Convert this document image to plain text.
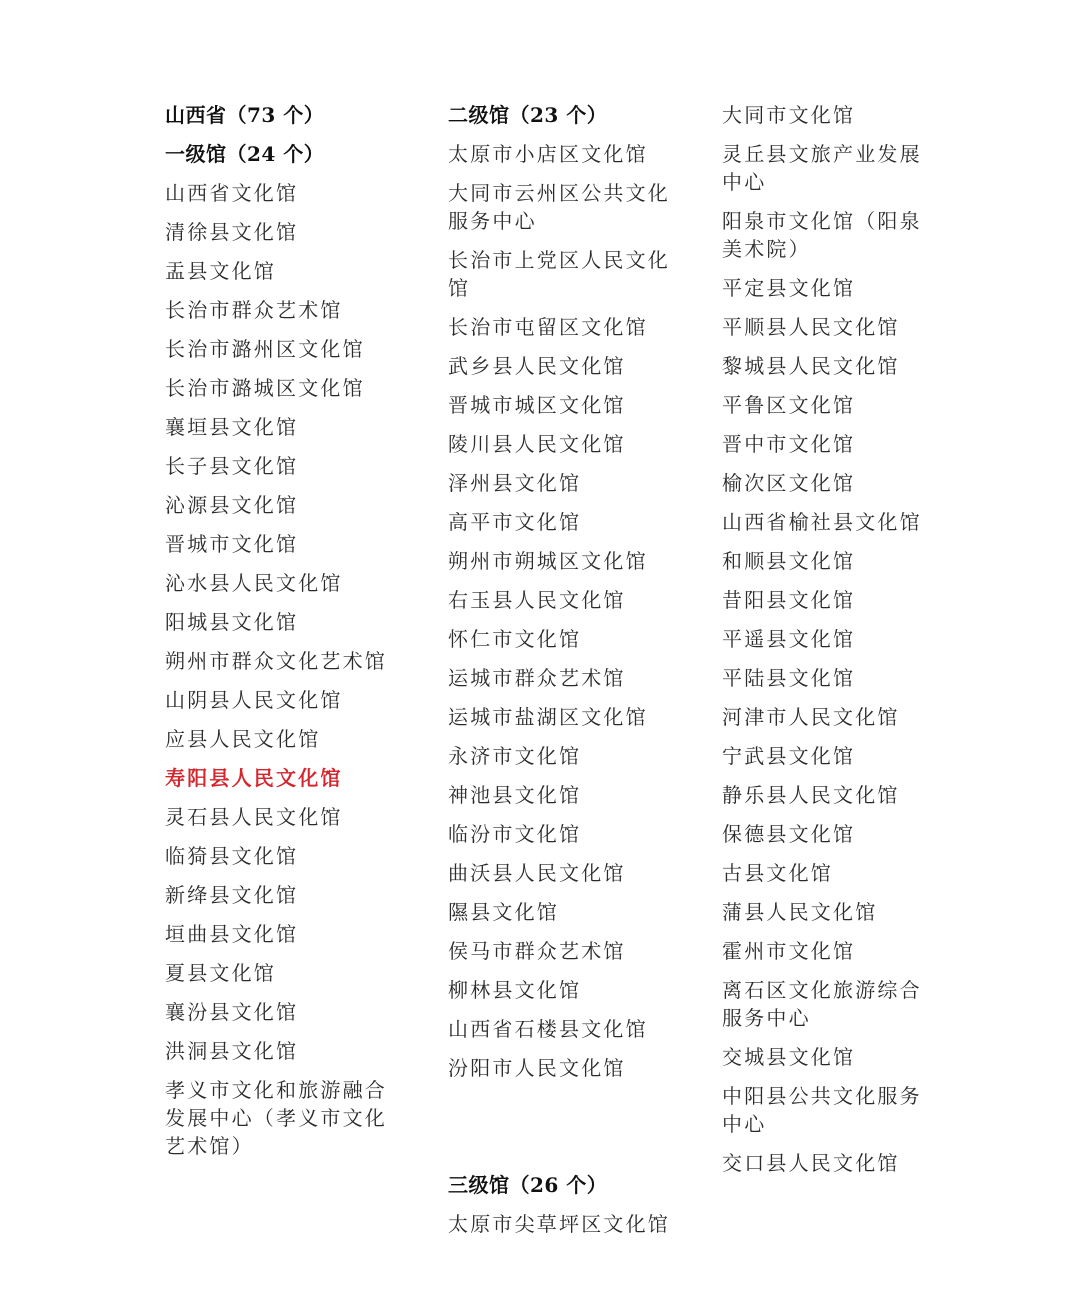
山西省（73 个）
一级馆（24 个）
山西省文化馆
清徐县文化馆
盂县文化馆
长治市群众艺术馆
长治市潞州区文化馆
长治市潞城区文化馆
襄垣县文化馆
长子县文化馆
沁源县文化馆
晋城市文化馆
沁水县人民文化馆
阳城县文化馆
朔州市群众文化艺术馆
山阴县人民文化馆
应县人民文化馆
寿阳县人民文化馆
灵石县人民文化馆
临猗县文化馆
新绛县文化馆
垣曲县文化馆
夏县文化馆
襄汾县文化馆
洪洞县文化馆
孝义市文化和旅游融合发展中心（孝义市文化艺术馆）
二级馆（23 个）
太原市小店区文化馆
大同市云州区公共文化服务中心
长治市上党区人民文化馆
长治市屯留区文化馆
武乡县人民文化馆
晋城市城区文化馆
陵川县人民文化馆
泽州县文化馆
高平市文化馆
朔州市朔城区文化馆
右玉县人民文化馆
怀仁市文化馆
运城市群众艺术馆
运城市盐湖区文化馆
永济市文化馆
神池县文化馆
临汾市文化馆
曲沃县人民文化馆
隰县文化馆
侯马市群众艺术馆
柳林县文化馆
山西省石楼县文化馆
汾阳市人民文化馆
三级馆（26 个）
太原市尖草坪区文化馆
大同市文化馆
灵丘县文旅产业发展中心
阳泉市文化馆（阳泉美术院）
平定县文化馆
平顺县人民文化馆
黎城县人民文化馆
平鲁区文化馆
晋中市文化馆
榆次区文化馆
山西省榆社县文化馆
和顺县文化馆
昔阳县文化馆
平遥县文化馆
平陆县文化馆
河津市人民文化馆
宁武县文化馆
静乐县人民文化馆
保德县文化馆
古县文化馆
蒲县人民文化馆
霍州市文化馆
离石区文化旅游综合服务中心
交城县文化馆
中阳县公共文化服务中心
交口县人民文化馆
